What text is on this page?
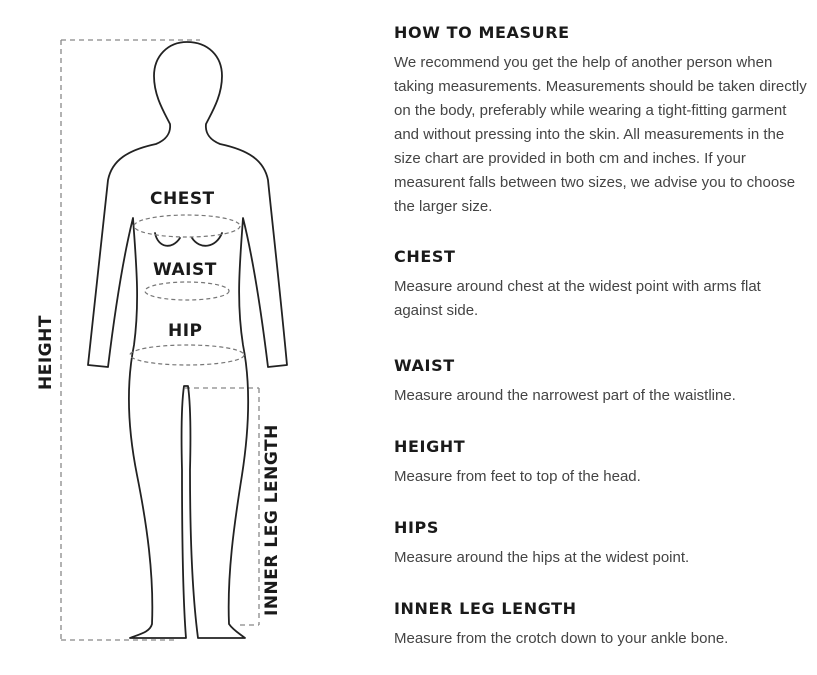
CHEST
WAIST
HIP
HEIGHT
INNER LEG LENGTH
HOW TO MEASURE

We recommend you get the help of another person when taking measurements. Measurements should be taken directly on the body, preferably while wearing a tight-fitting garment and without pressing into the skin. All measurements in the size chart are provided in both cm and inches. If your measurent falls between two sizes, we advise you to choose the larger size.

CHEST

Measure around chest at the widest point with arms flat against side.

WAIST

Measure around the narrowest part of the waistline.

HEIGHT

Measure from feet to top of the head.

HIPS

Measure around the hips at the widest point.

INNER LEG LENGTH

Measure from the crotch down to your ankle bone.
